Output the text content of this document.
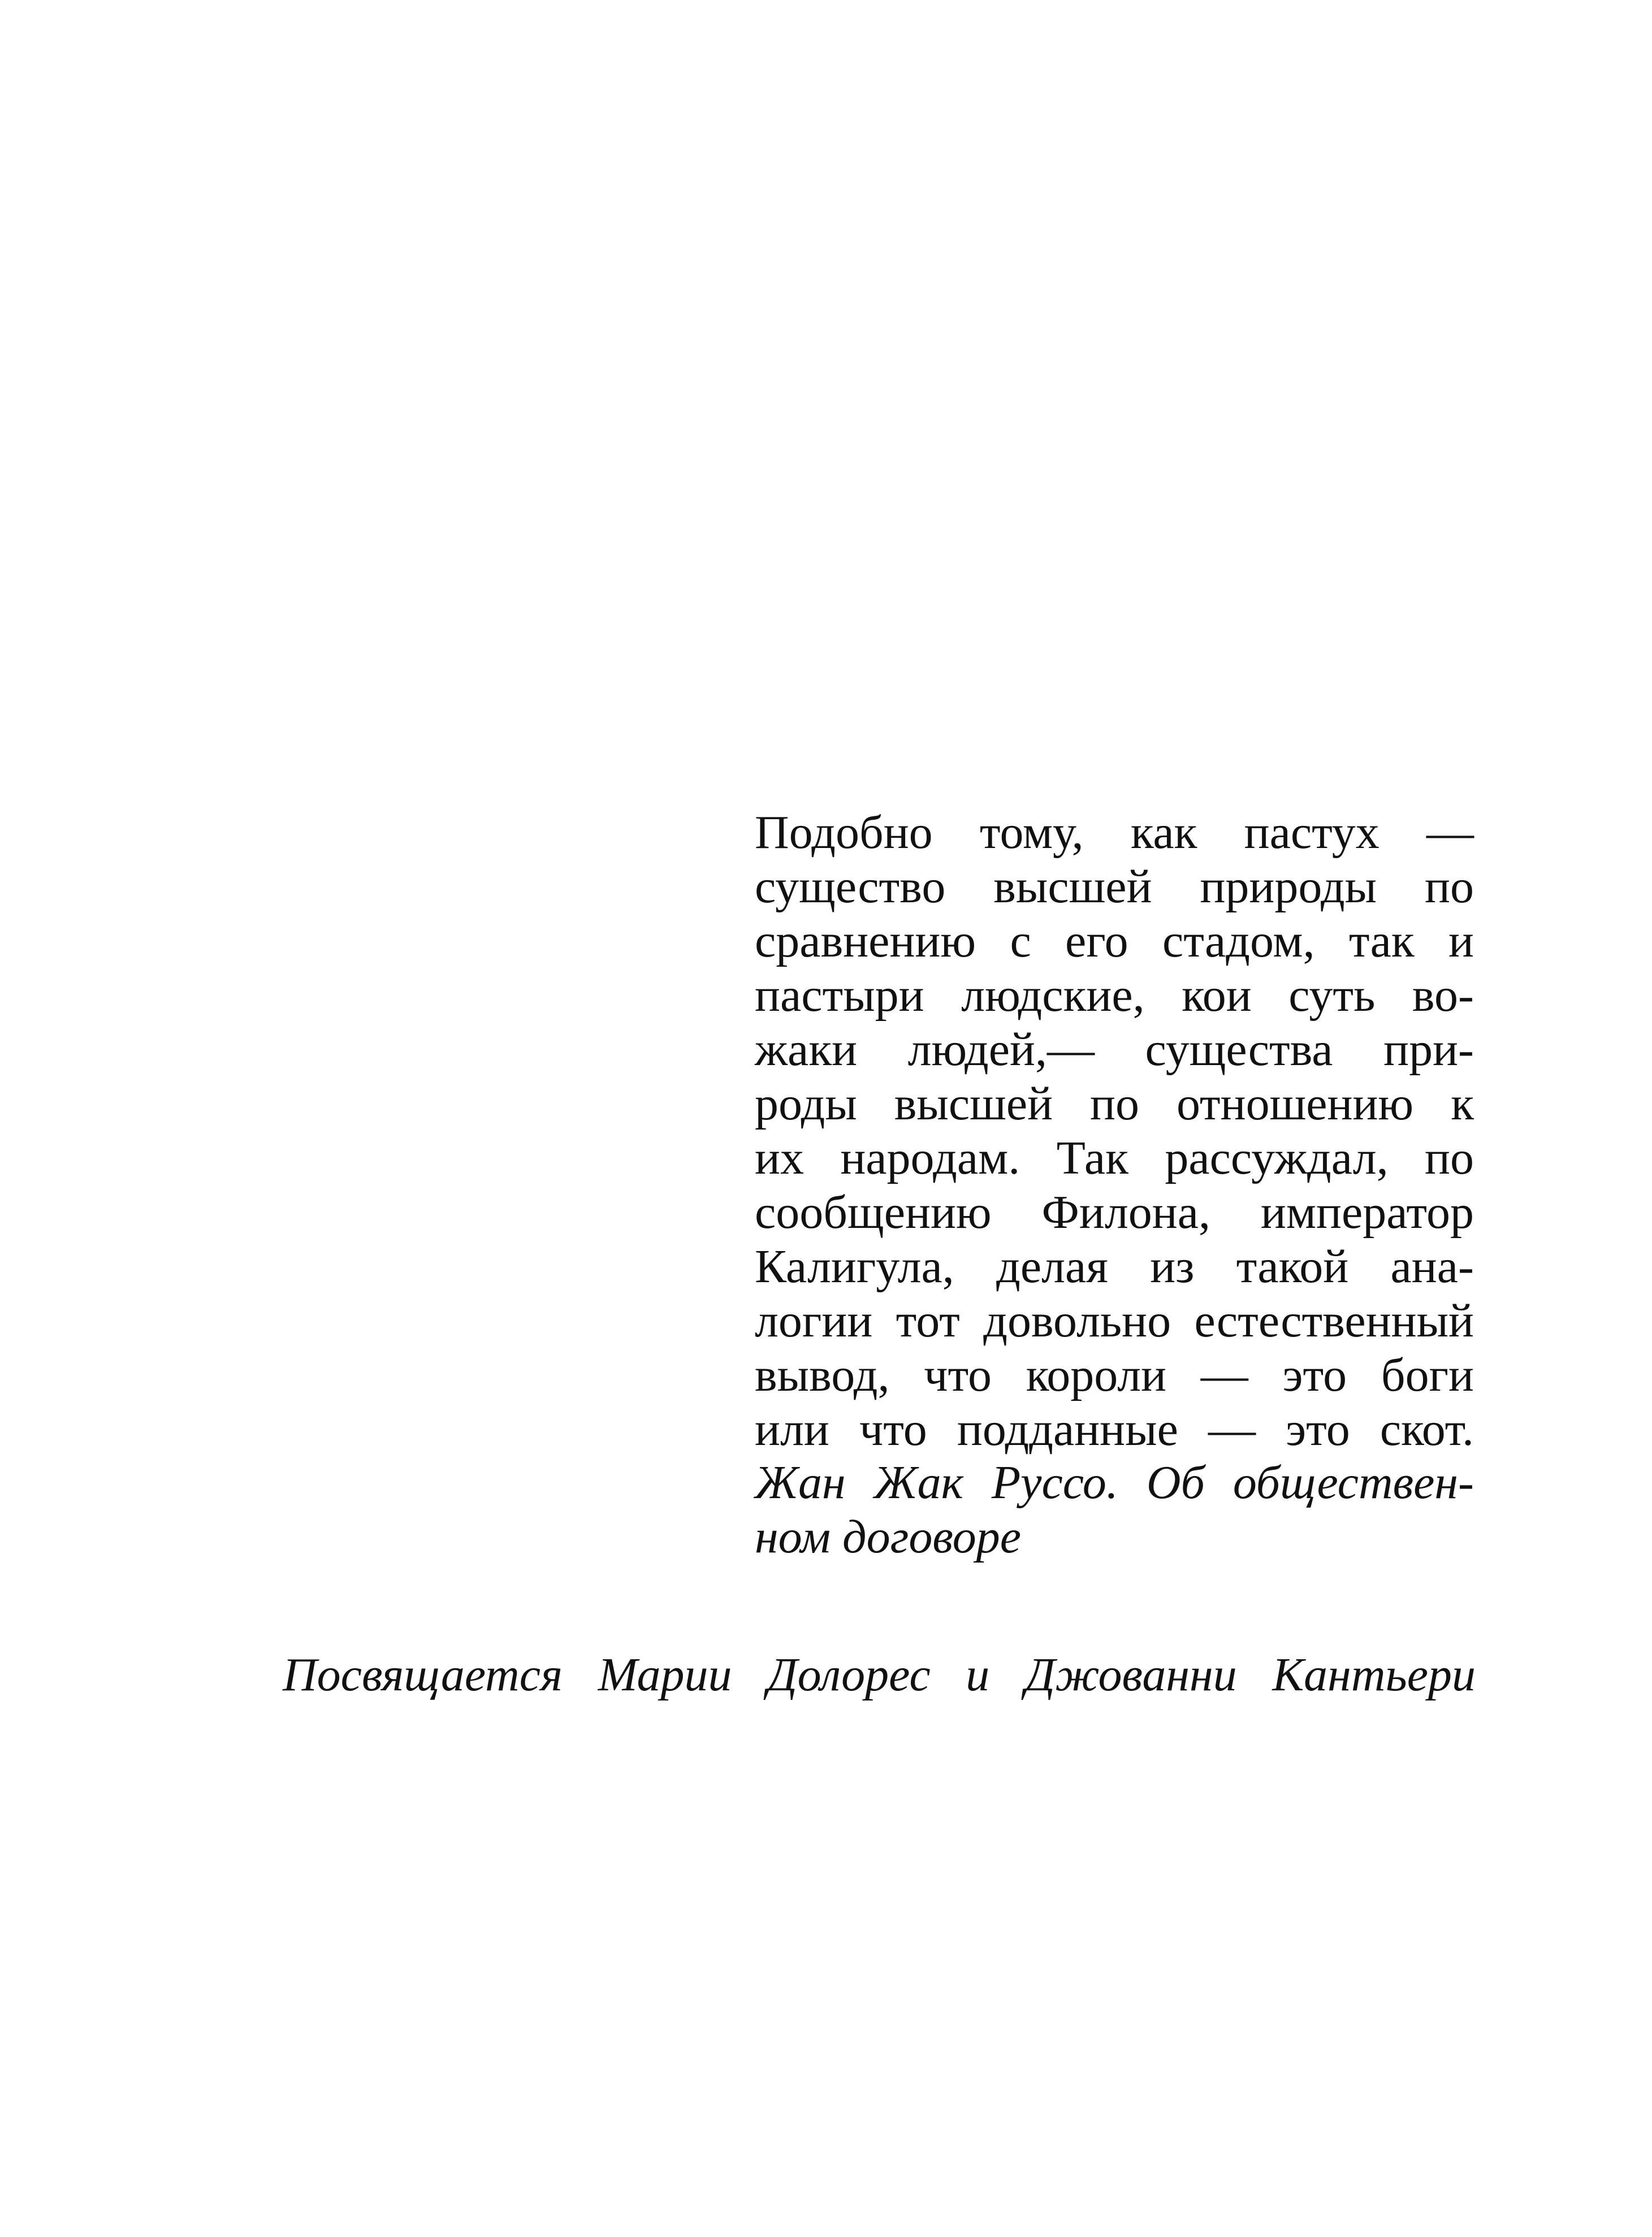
Подобно тому, как пастух —
существо высшей природы по
сравнению с его стадом, так и
пастыри людские, кои суть во-
жаки людей,— существа при-
роды высшей по отношению к
их народам. Так рассуждал, по
сообщению Филона, император
Калигула, делая из такой ана-
логии тот довольно естественный
вывод, что короли — это боги
или что подданные — это скот.
Жан Жак Руссо. Об обществен-
ном договоре
Посвящается Марии Долорес и Джованни Кантьери
